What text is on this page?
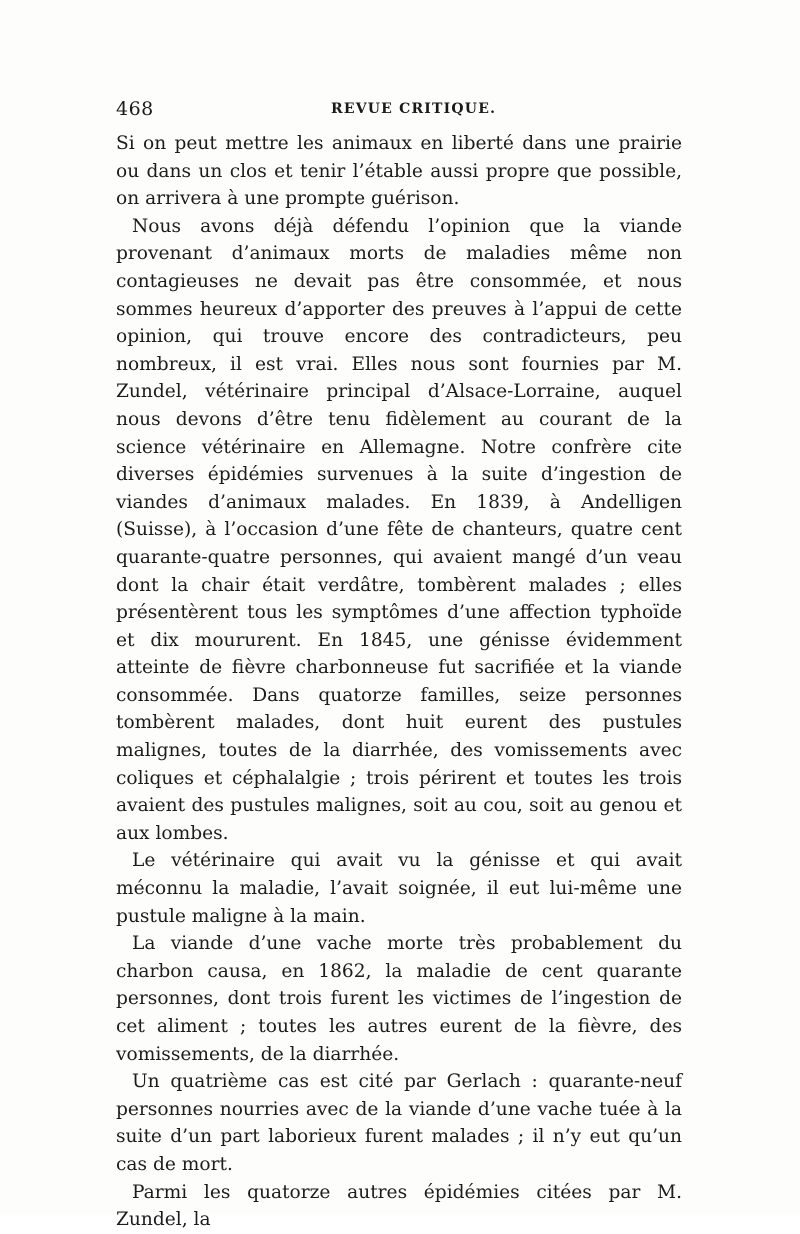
468	REVUE CRITIQUE.

Si on peut mettre les animaux en liberté dans une prairie ou dans un clos et tenir l’étable aussi propre que possible, on arrivera à une prompte guérison.

Nous avons déjà défendu l’opinion que la viande provenant d’animaux morts de maladies même non contagieuses ne devait pas être consommée, et nous sommes heureux d’apporter des preuves à l’appui de cette opinion, qui trouve encore des contradicteurs, peu nombreux, il est vrai. Elles nous sont fournies par M. Zundel, vétérinaire principal d’Alsace-Lorraine, auquel nous devons d’être tenu fidèlement au courant de la science vétérinaire en Allemagne. Notre confrère cite diverses épidémies survenues à la suite d’ingestion de viandes d’animaux malades. En 1839, à Andelligen (Suisse), à l’occasion d’une fête de chanteurs, quatre cent quarante-quatre personnes, qui avaient mangé d’un veau dont la chair était verdâtre, tombèrent malades ; elles présentèrent tous les symptômes d’une affection typhoïde et dix moururent. En 1845, une génisse évidemment atteinte de fièvre charbonneuse fut sacrifiée et la viande consommée. Dans quatorze familles, seize personnes tombèrent malades, dont huit eurent des pustules malignes, toutes de la diarrhée, des vomissements avec coliques et céphalalgie ; trois périrent et toutes les trois avaient des pustules malignes, soit au cou, soit au genou et aux lombes.

Le vétérinaire qui avait vu la génisse et qui avait méconnu la maladie, l’avait soignée, il eut lui-même une pustule maligne à la main.

La viande d’une vache morte très probablement du charbon causa, en 1862, la maladie de cent quarante personnes, dont trois furent les victimes de l’ingestion de cet aliment ; toutes les autres eurent de la fièvre, des vomissements, de la diarrhée.

Un quatrième cas est cité par Gerlach : quarante-neuf personnes nourries avec de la viande d’une vache tuée à la suite d’un part laborieux furent malades ; il n’y eut qu’un cas de mort.

Parmi les quatorze autres épidémies citées par M. Zundel, la
